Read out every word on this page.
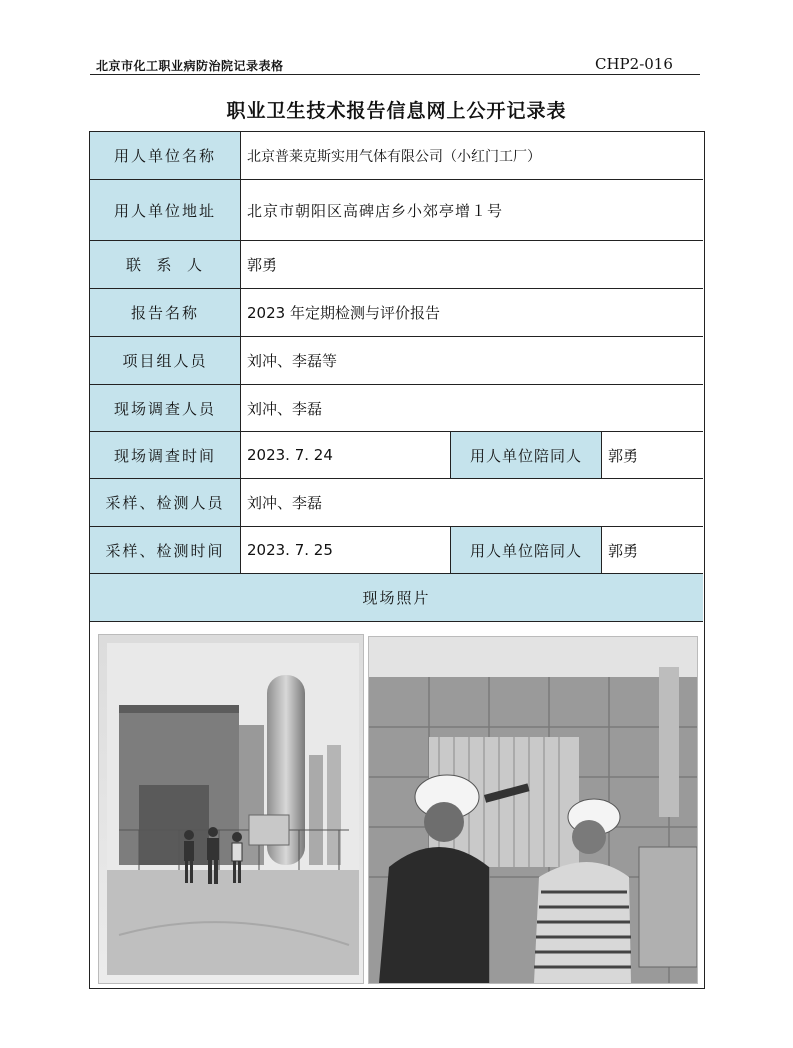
北京市化工职业病防治院记录表格	CHP2-016
职业卫生技术报告信息网上公开记录表
用人单位名称	北京普莱克斯实用气体有限公司（小红门工厂）
用人单位地址	北京市朝阳区高碑店乡小郊亭增１号
联  系  人	郭勇
报告名称	2023 年定期检测与评价报告
项目组人员	刘冲、李磊等
现场调查人员	刘冲、李磊
现场调查时间	2023. 7. 24	用人单位陪同人	郭勇
采样、检测人员	刘冲、李磊
采样、检测时间	2023. 7. 25	用人单位陪同人	郭勇
现场照片
